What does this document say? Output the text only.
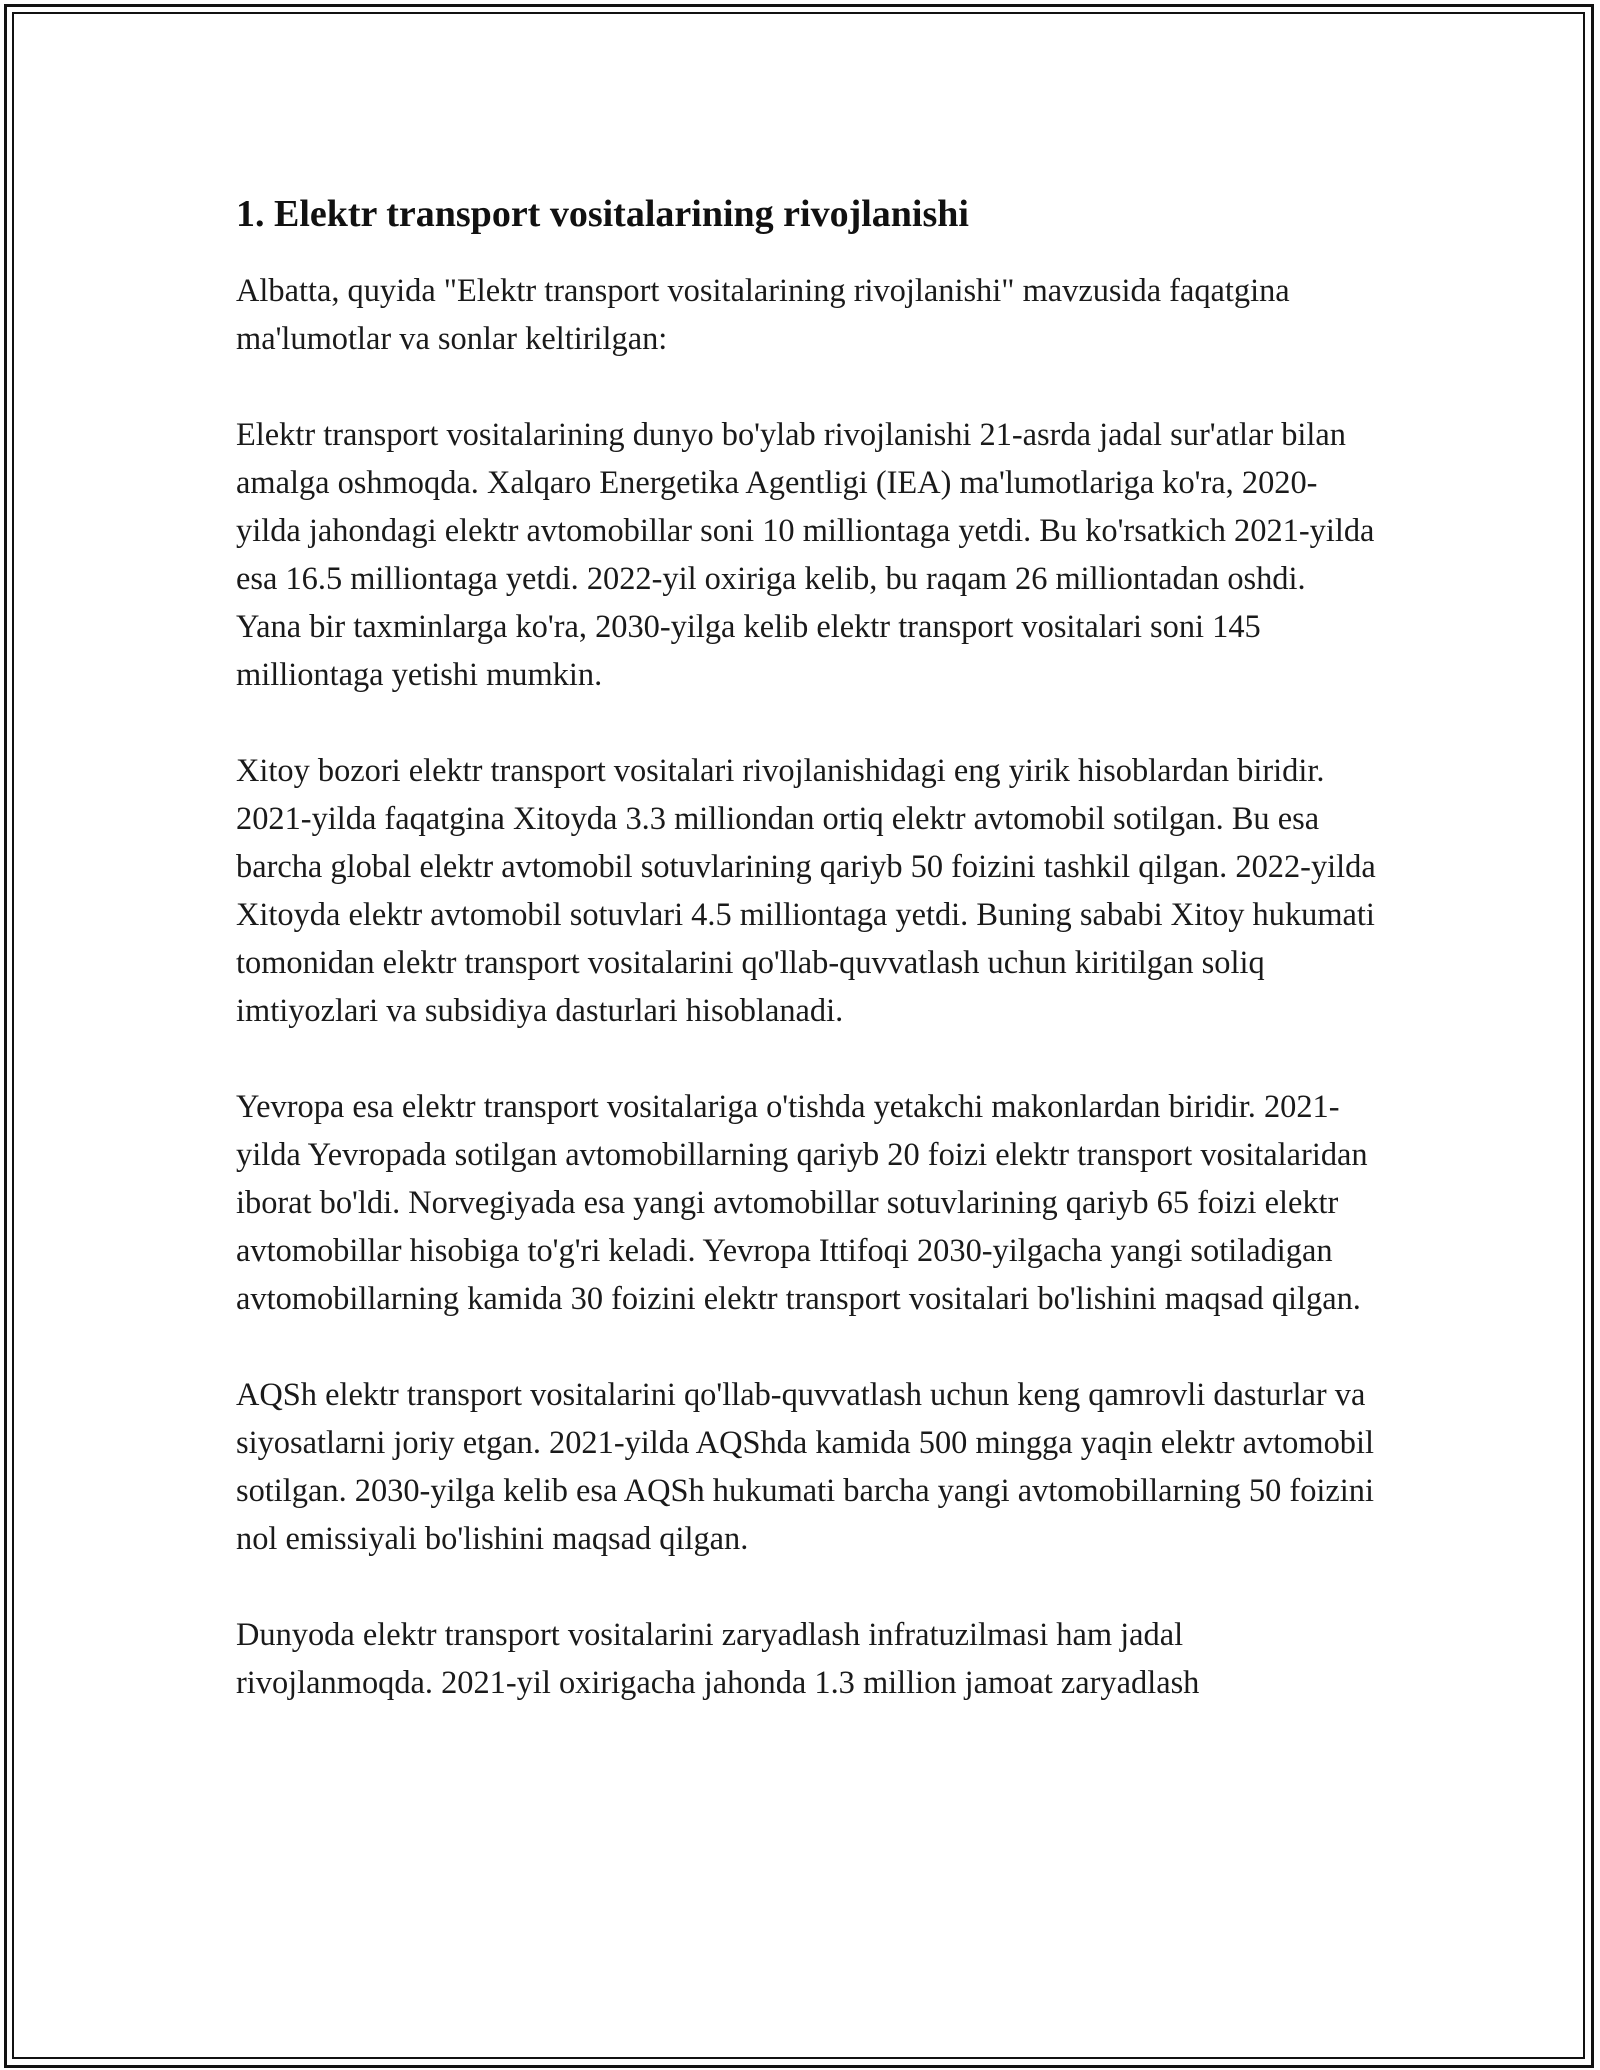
1. Elektr transport vositalarining rivojlanishi

Albatta, quyida "Elektr transport vositalarining rivojlanishi" mavzusida faqatgina ma'lumotlar va sonlar keltirilgan:

Elektr transport vositalarining dunyo bo'ylab rivojlanishi 21-asrda jadal sur'atlar bilan amalga oshmoqda. Xalqaro Energetika Agentligi (IEA) ma'lumotlariga ko'ra, 2020-yilda jahondagi elektr avtomobillar soni 10 milliontaga yetdi. Bu ko'rsatkich 2021-yilda esa 16.5 milliontaga yetdi. 2022-yil oxiriga kelib, bu raqam 26 milliontadan oshdi. Yana bir taxminlarga ko'ra, 2030-yilga kelib elektr transport vositalari soni 145 milliontaga yetishi mumkin.

Xitoy bozori elektr transport vositalari rivojlanishidagi eng yirik hisoblardan biridir. 2021-yilda faqatgina Xitoyda 3.3 milliondan ortiq elektr avtomobil sotilgan. Bu esa barcha global elektr avtomobil sotuvlarining qariyb 50 foizini tashkil qilgan. 2022-yilda Xitoyda elektr avtomobil sotuvlari 4.5 milliontaga yetdi. Buning sababi Xitoy hukumati tomonidan elektr transport vositalarini qo'llab-quvvatlash uchun kiritilgan soliq imtiyozlari va subsidiya dasturlari hisoblanadi.

Yevropa esa elektr transport vositalariga o'tishda yetakchi makonlardan biridir. 2021-yilda Yevropada sotilgan avtomobillarning qariyb 20 foizi elektr transport vositalaridan iborat bo'ldi. Norvegiyada esa yangi avtomobillar sotuvlarining qariyb 65 foizi elektr avtomobillar hisobiga to'g'ri keladi. Yevropa Ittifoqi 2030-yilgacha yangi sotiladigan avtomobillarning kamida 30 foizini elektr transport vositalari bo'lishini maqsad qilgan.

AQSh elektr transport vositalarini qo'llab-quvvatlash uchun keng qamrovli dasturlar va siyosatlarni joriy etgan. 2021-yilda AQShda kamida 500 mingga yaqin elektr avtomobil sotilgan. 2030-yilga kelib esa AQSh hukumati barcha yangi avtomobillarning 50 foizini nol emissiyali bo'lishini maqsad qilgan.

Dunyoda elektr transport vositalarini zaryadlash infratuzilmasi ham jadal rivojlanmoqda. 2021-yil oxirigacha jahonda 1.3 million jamoat zaryadlash
